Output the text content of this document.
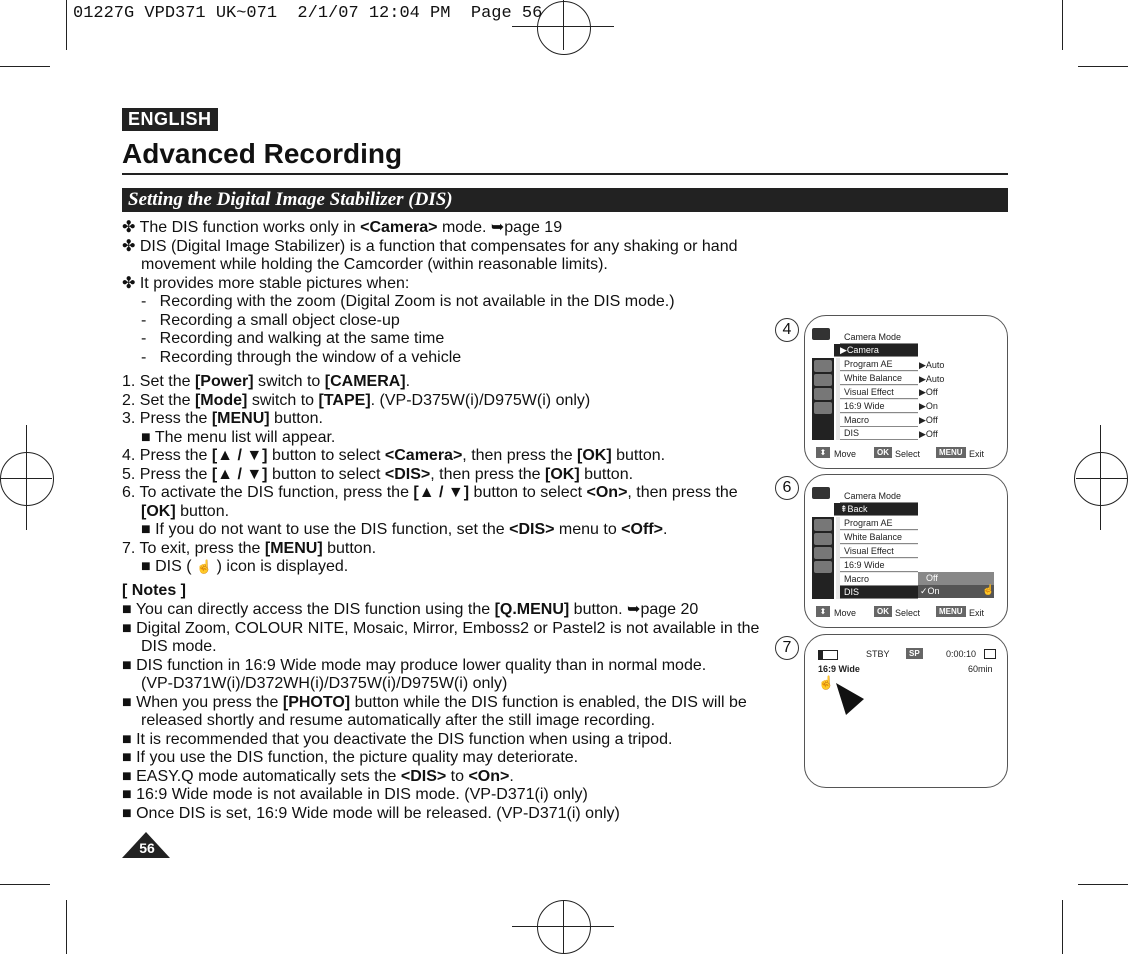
01227G VPD371 UK~071  2/1/07 12:04 PM  Page 56
ENGLISH
Advanced Recording
Setting the Digital Image Stabilizer (DIS)
✤ The DIS function works only in <Camera> mode. ➥page 19
✤ DIS (Digital Image Stabilizer) is a function that compensates for any shaking or hand
movement while holding the Camcorder (within reasonable limits).
✤ It provides more stable pictures when:
-   Recording with the zoom (Digital Zoom is not available in the DIS mode.)
-   Recording a small object close-up
-   Recording and walking at the same time
-   Recording through the window of a vehicle
1. Set the [Power] switch to [CAMERA].
2. Set the [Mode] switch to [TAPE]. (VP-D375W(i)/D975W(i) only)
3. Press the [MENU] button.
■ The menu list will appear.
4. Press the [▲ / ▼] button to select <Camera>, then press the [OK] button.
5. Press the [▲ / ▼] button to select <DIS>, then press the [OK] button.
6. To activate the DIS function, press the [▲ / ▼] button to select <On>, then press the
[OK] button.
■ If you do not want to use the DIS function, set the <DIS> menu to <Off>.
7. To exit, press the [MENU] button.
■ DIS ( ☝ ) icon is displayed.
[ Notes ]
■ You can directly access the DIS function using the [Q.MENU] button. ➥page 20
■ Digital Zoom, COLOUR NITE, Mosaic, Mirror, Emboss2 or Pastel2 is not available in the
DIS mode.
■ DIS function in 16:9 Wide mode may produce lower quality than in normal mode.
(VP-D371W(i)/D372WH(i)/D375W(i)/D975W(i) only)
■ When you press the [PHOTO] button while the DIS function is enabled, the DIS will be
released shortly and resume automatically after the still image recording.
■ It is recommended that you deactivate the DIS function when using a tripod.
■ If you use the DIS function, the picture quality may deteriorate.
■ EASY.Q mode automatically sets the <DIS> to <On>.
■ 16:9 Wide mode is not available in DIS mode. (VP-D371(i) only)
■ Once DIS is set, 16:9 Wide mode will be released. (VP-D371(i) only)
56
4	Camera Mode
▶Camera
Program AE
White Balance
Visual Effect
16:9 Wide
Macro
DIS
▶Auto
▶Auto
▶Off
▶On
▶Off
▶Off
⬍ Move	OK Select	MENU Exit
6	Camera Mode
⇞Back
Program AE
White Balance
Visual Effect
16:9 Wide
Macro
DIS
Off
✓On	☝
⬍ Move	OK Select	MENU Exit
7	STBY	SP	0:00:10
16:9 Wide	60min
☝
